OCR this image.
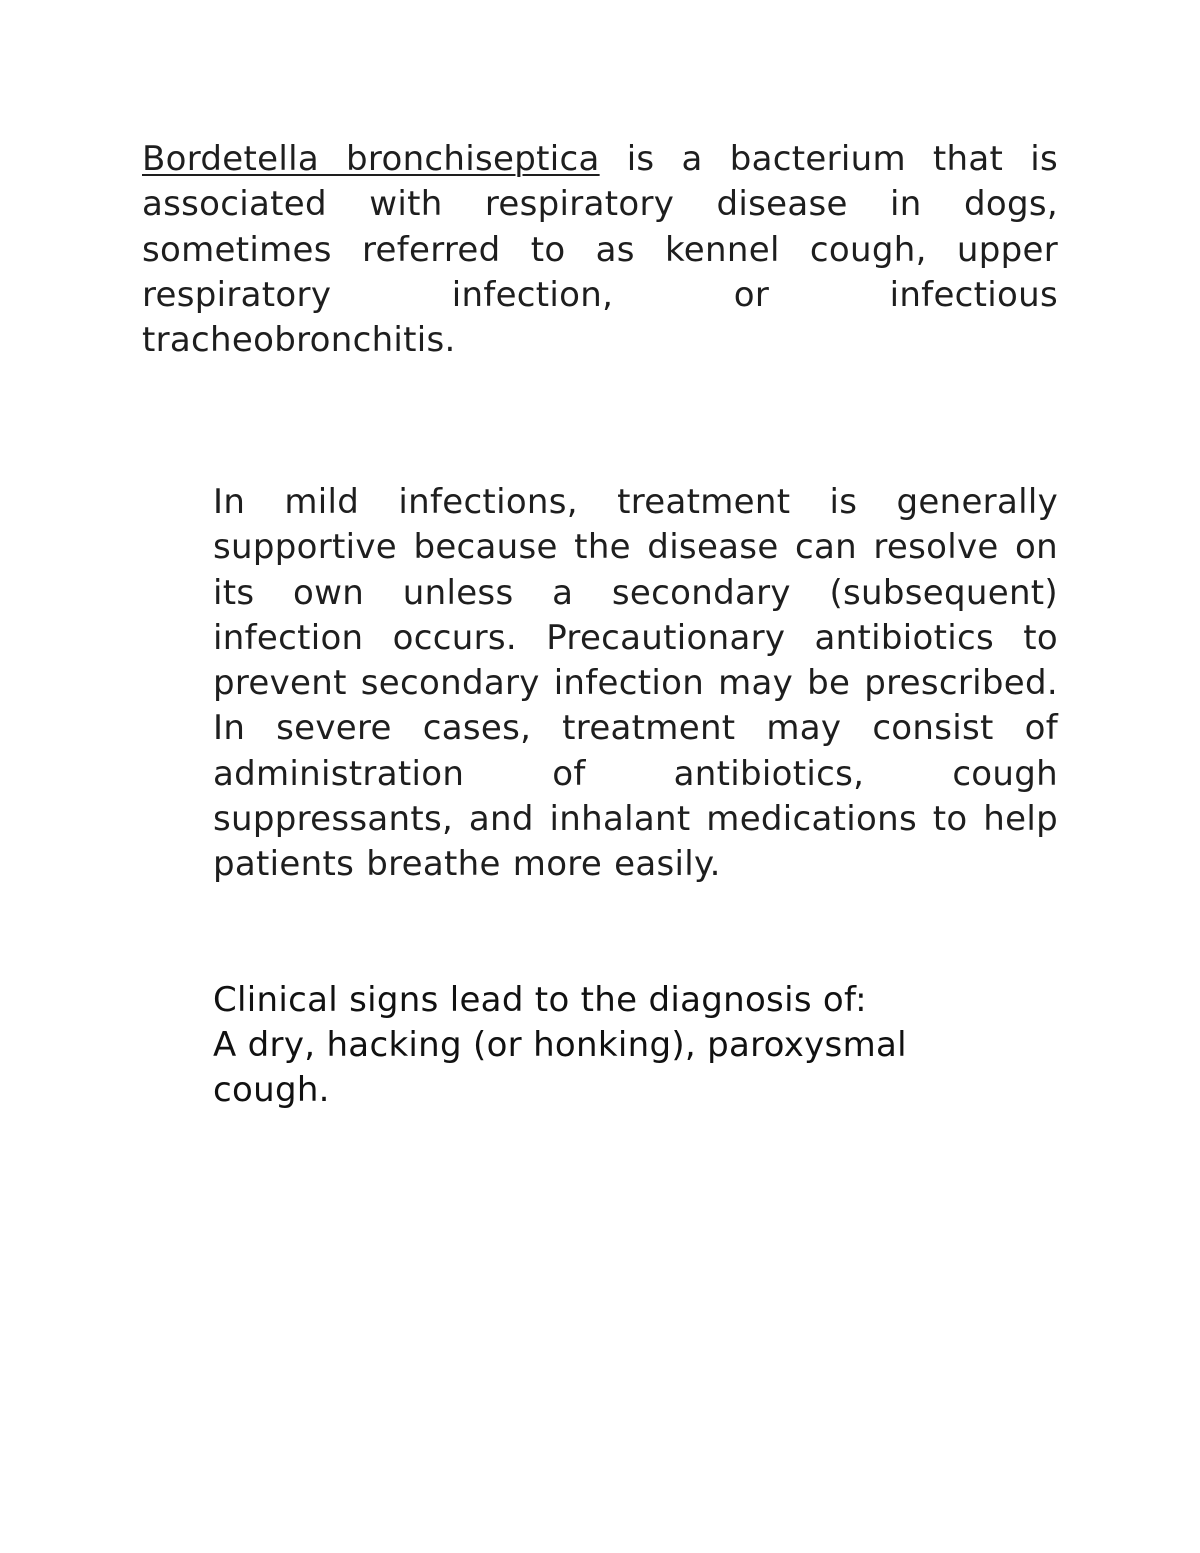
Bordetella bronchiseptica is a bacterium that is associated with respiratory disease in dogs, sometimes referred to as kennel cough, upper respiratory infection, or infectious tracheobronchitis.

In mild infections, treatment is generally supportive because the disease can resolve on its own unless a secondary (subsequent) infection occurs. Precautionary antibiotics to prevent secondary infection may be prescribed. In severe cases, treatment may consist of administration of antibiotics, cough suppressants, and inhalant medications to help patients breathe more easily.

Clinical signs lead to the diagnosis of:
A dry, hacking (or honking), paroxysmal cough.
